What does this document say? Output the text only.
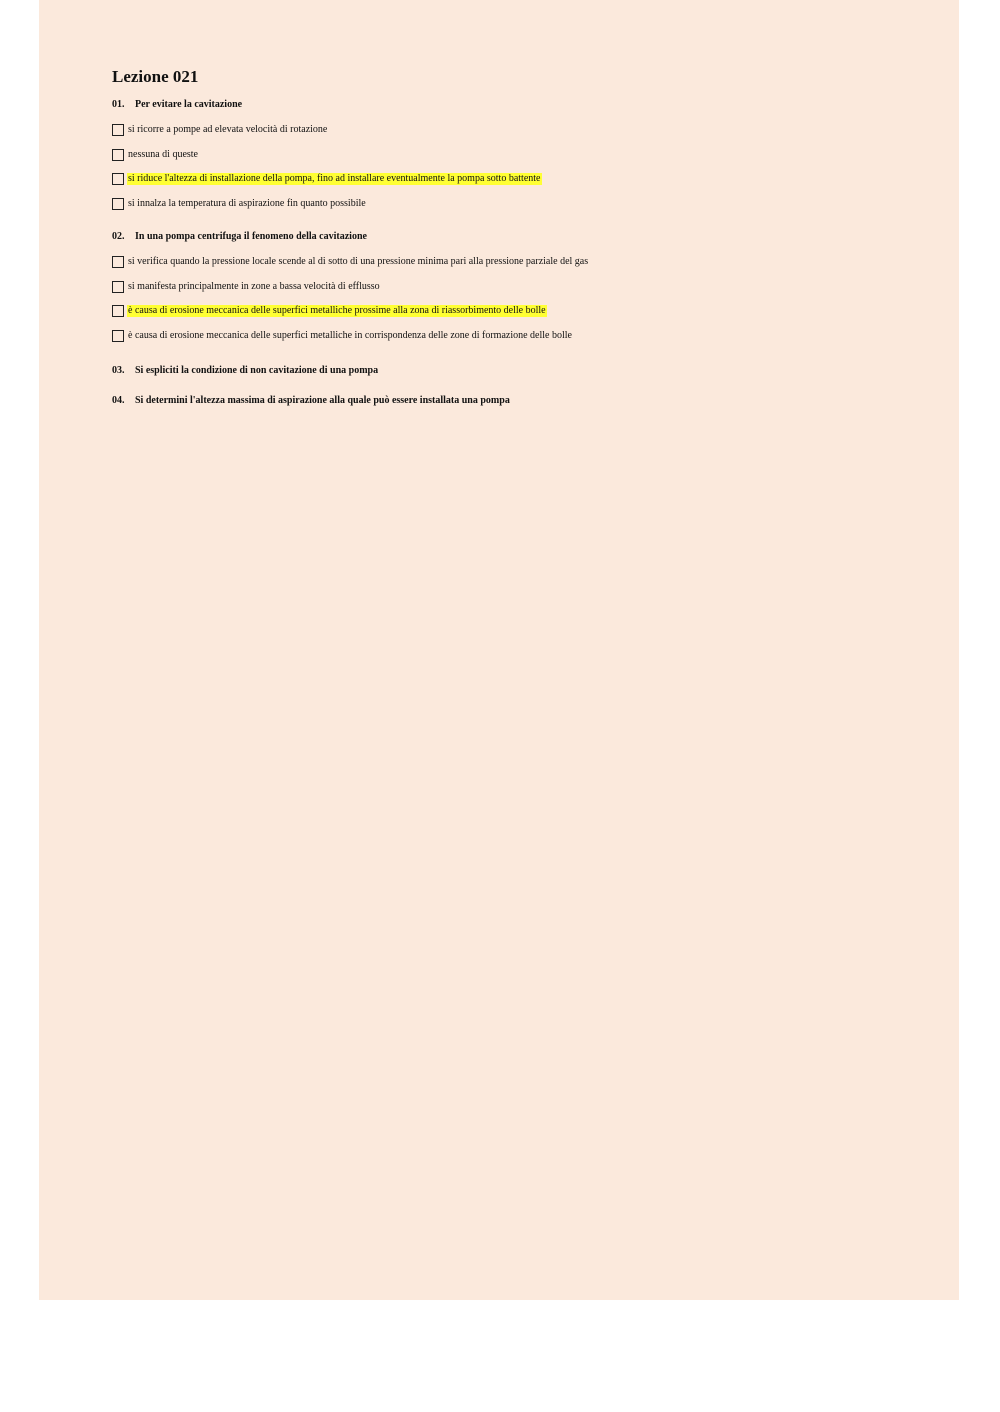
Lezione 021
01. Per evitare la cavitazione
si ricorre a pompe ad elevata velocità di rotazione
nessuna di queste
si riduce l'altezza di installazione della pompa, fino ad installare eventualmente la pompa sotto battente
si innalza la temperatura di aspirazione fin quanto possibile
02. In una pompa centrifuga il fenomeno della cavitazione
si verifica quando la pressione locale scende al di sotto di una pressione minima pari alla pressione parziale del gas
si manifesta principalmente in zone a bassa velocità di efflusso
è causa di erosione meccanica delle superfici metalliche prossime alla zona di riassorbimento delle bolle
è causa di erosione meccanica delle superfici metalliche in corrispondenza delle zone di formazione delle bolle
03. Si espliciti la condizione di non cavitazione di una pompa
04. Si determini l'altezza massima di aspirazione alla quale può essere installata una pompa
